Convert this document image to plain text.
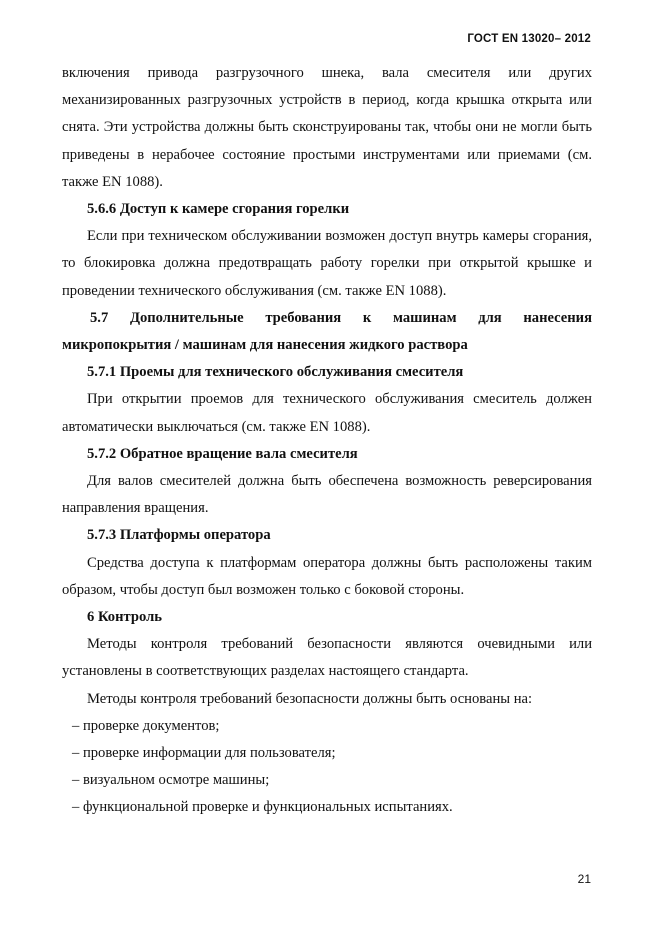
ГОСТ EN 13020– 2012

включения привода разгрузочного шнека, вала смесителя или других механизированных разгрузочных устройств в период, когда крышка открыта или снята. Эти устройства должны быть сконструированы так, чтобы они не могли быть приведены в нерабочее состояние простыми инструментами или приемами (см. также EN 1088).

5.6.6 Доступ к камере сгорания горелки

Если при техническом обслуживании возможен доступ внутрь камеры сгорания, то блокировка должна предотвращать работу горелки при открытой крышке и проведении технического обслуживания (см. также EN 1088).

5.7 Дополнительные требования к машинам для нанесения микропокрытия / машинам для нанесения жидкого раствора

5.7.1 Проемы для технического обслуживания смесителя

При открытии проемов для технического обслуживания смеситель должен автоматически выключаться (см. также EN 1088).

5.7.2 Обратное вращение вала смесителя

Для валов смесителей должна быть обеспечена возможность реверсирования направления вращения.

5.7.3 Платформы оператора

Средства доступа к платформам оператора должны быть расположены таким образом, чтобы доступ был возможен только с боковой стороны.

6 Контроль

Методы контроля требований безопасности являются очевидными или установлены в соответствующих разделах настоящего стандарта.

Методы контроля требований безопасности должны быть основаны на:

– проверке документов;

– проверке информации для пользователя;

– визуальном осмотре машины;

– функциональной проверке и функциональных испытаниях.

21
